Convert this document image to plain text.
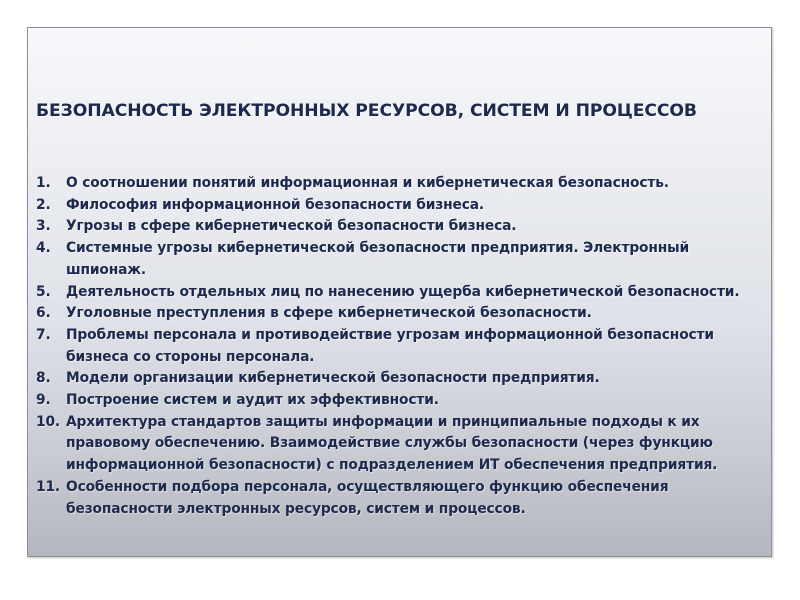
БЕЗОПАСНОСТЬ ЭЛЕКТРОННЫХ РЕСУРСОВ, СИСТЕМ И ПРОЦЕССОВ
1.	О соотношении понятий информационная и кибернетическая безопасность.
2.	Философия информационной безопасности бизнеса.
3.	Угрозы в сфере кибернетической безопасности бизнеса.
4.	Системные угрозы кибернетической безопасности предприятия. Электронный шпионаж.
5.	Деятельность отдельных лиц по нанесению ущерба кибернетической безопасности.
6.	Уголовные преступления в сфере кибернетической безопасности.
7.	Проблемы персонала и противодействие угрозам информационной безопасности бизнеса со стороны персонала.
8.	Модели организации кибернетической безопасности предприятия.
9.	Построение систем и аудит их эффективности.
10. Архитектура стандартов защиты информации и принципиальные подходы к их правовому обеспечению. Взаимодействие службы безопасности (через функцию информационной безопасности) с подразделением ИТ обеспечения предприятия.
11. Особенности подбора персонала, осуществляющего функцию обеспечения безопасности электронных ресурсов, систем и процессов.
